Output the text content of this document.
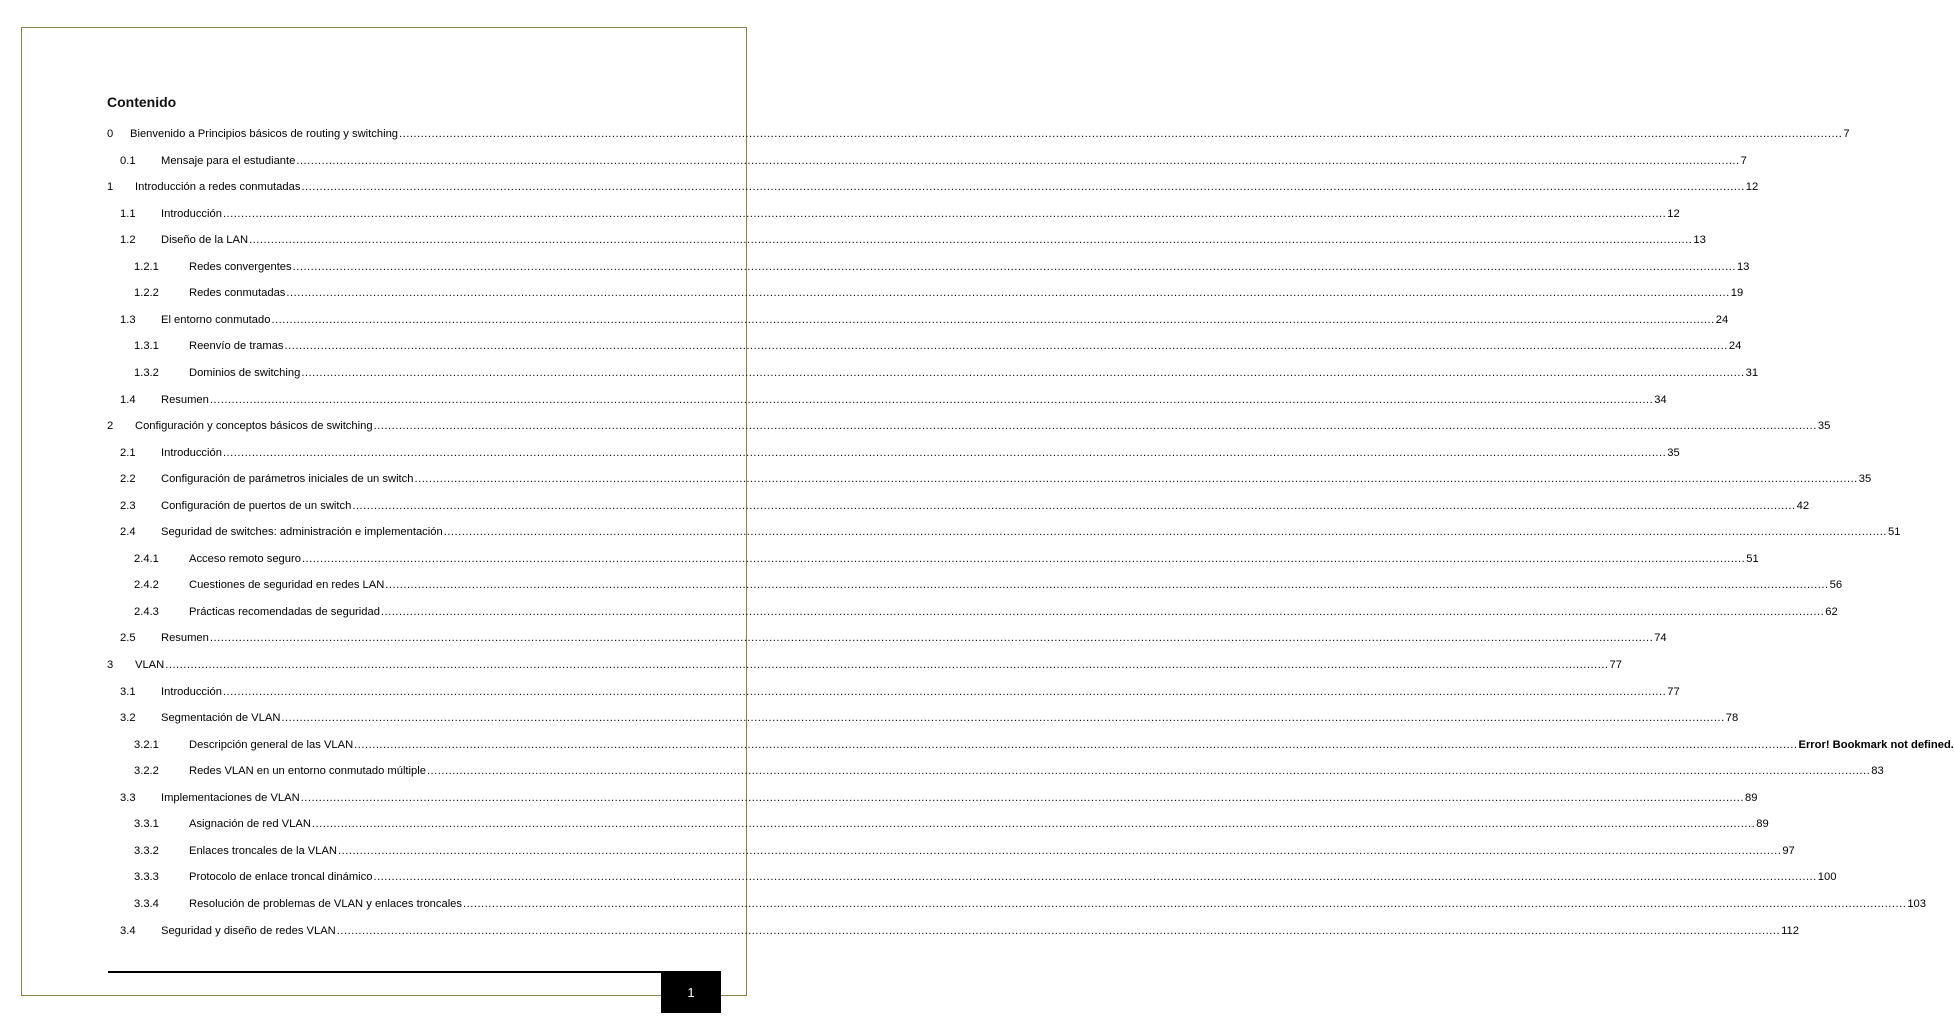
Contenido
0	Bienvenido a Principios básicos de routing y switching ................................................................................................................................................................................................................................................................................................................................................................................................................ 7
0.1	Mensaje para el estudiante ................................................................................................................................................................................................................................................................................................................................................................................................................ 7
1	Introducción a redes conmutadas ................................................................................................................................................................................................................................................................................................................................................................................................................ 12
1.1	Introducción ................................................................................................................................................................................................................................................................................................................................................................................................................ 12
1.2	Diseño de la LAN ................................................................................................................................................................................................................................................................................................................................................................................................................ 13
1.2.1	Redes convergentes ................................................................................................................................................................................................................................................................................................................................................................................................................ 13
1.2.2	Redes conmutadas ................................................................................................................................................................................................................................................................................................................................................................................................................ 19
1.3	El entorno conmutado ................................................................................................................................................................................................................................................................................................................................................................................................................ 24
1.3.1	Reenvío de tramas ................................................................................................................................................................................................................................................................................................................................................................................................................ 24
1.3.2	Dominios de switching ................................................................................................................................................................................................................................................................................................................................................................................................................ 31
1.4	Resumen ................................................................................................................................................................................................................................................................................................................................................................................................................ 34
2	Configuración y conceptos básicos de switching ................................................................................................................................................................................................................................................................................................................................................................................................................ 35
2.1	Introducción ................................................................................................................................................................................................................................................................................................................................................................................................................ 35
2.2	Configuración de parámetros iniciales de un switch ................................................................................................................................................................................................................................................................................................................................................................................................................ 35
2.3	Configuración de puertos de un switch ................................................................................................................................................................................................................................................................................................................................................................................................................ 42
2.4	Seguridad de switches: administración e implementación ................................................................................................................................................................................................................................................................................................................................................................................................................ 51
2.4.1	Acceso remoto seguro ................................................................................................................................................................................................................................................................................................................................................................................................................ 51
2.4.2	Cuestiones de seguridad en redes LAN ................................................................................................................................................................................................................................................................................................................................................................................................................ 56
2.4.3	Prácticas recomendadas de seguridad ................................................................................................................................................................................................................................................................................................................................................................................................................ 62
2.5	Resumen ................................................................................................................................................................................................................................................................................................................................................................................................................ 74
3	VLAN ................................................................................................................................................................................................................................................................................................................................................................................................................ 77
3.1	Introducción ................................................................................................................................................................................................................................................................................................................................................................................................................ 77
3.2	Segmentación de VLAN ................................................................................................................................................................................................................................................................................................................................................................................................................ 78
3.2.1	Descripción general de las VLAN ................................................................................................................................................................................................................................................................................................................................................................................................................ Error! Bookmark not defined.
3.2.2	Redes VLAN en un entorno conmutado múltiple ................................................................................................................................................................................................................................................................................................................................................................................................................ 83
3.3	Implementaciones de VLAN ................................................................................................................................................................................................................................................................................................................................................................................................................ 89
3.3.1	Asignación de red VLAN ................................................................................................................................................................................................................................................................................................................................................................................................................ 89
3.3.2	Enlaces troncales de la VLAN ................................................................................................................................................................................................................................................................................................................................................................................................................ 97
3.3.3	Protocolo de enlace troncal dinámico ................................................................................................................................................................................................................................................................................................................................................................................................................ 100
3.3.4	Resolución de problemas de VLAN y enlaces troncales ................................................................................................................................................................................................................................................................................................................................................................................................................ 103
3.4	Seguridad y diseño de redes VLAN ................................................................................................................................................................................................................................................................................................................................................................................................................ 112
1
